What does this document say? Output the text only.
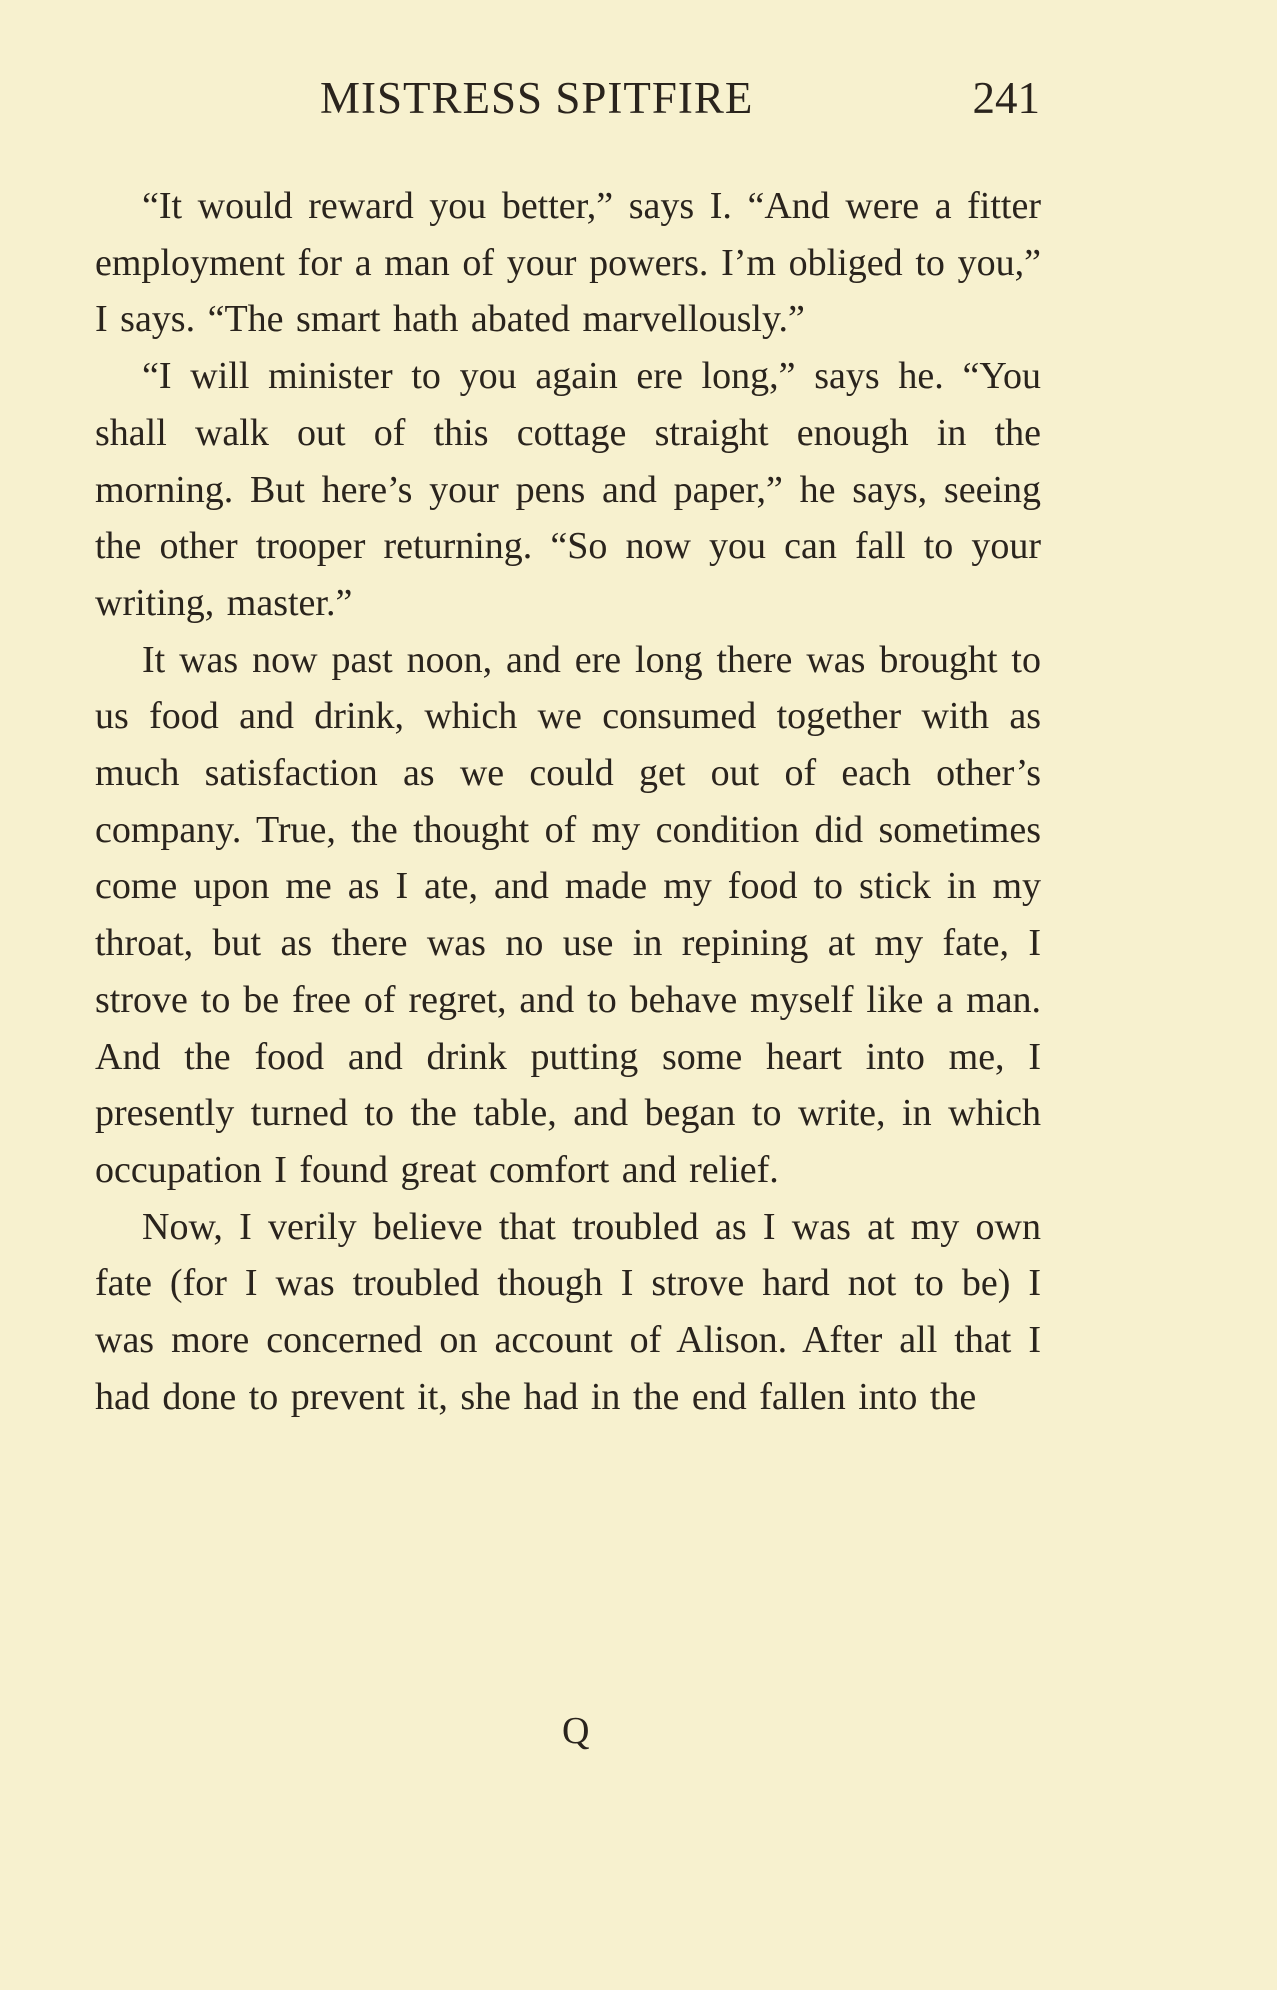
MISTRESS SPITFIRE	241

“It would reward you better,” says I. “And were a fitter employment for a man of your powers. I’m obliged to you,” I says. “The smart hath abated marvellously.”

“I will minister to you again ere long,” says he. “You shall walk out of this cottage straight enough in the morning. But here’s your pens and paper,” he says, seeing the other trooper returning. “So now you can fall to your writing, master.”

It was now past noon, and ere long there was brought to us food and drink, which we consumed together with as much satisfaction as we could get out of each other’s company. True, the thought of my condition did sometimes come upon me as I ate, and made my food to stick in my throat, but as there was no use in repining at my fate, I strove to be free of regret, and to behave myself like a man. And the food and drink putting some heart into me, I presently turned to the table, and began to write, in which occupation I found great comfort and relief.

Now, I verily believe that troubled as I was at my own fate (for I was troubled though I strove hard not to be) I was more concerned on account of Alison. After all that I had done to prevent it, she had in the end fallen into the

Q
